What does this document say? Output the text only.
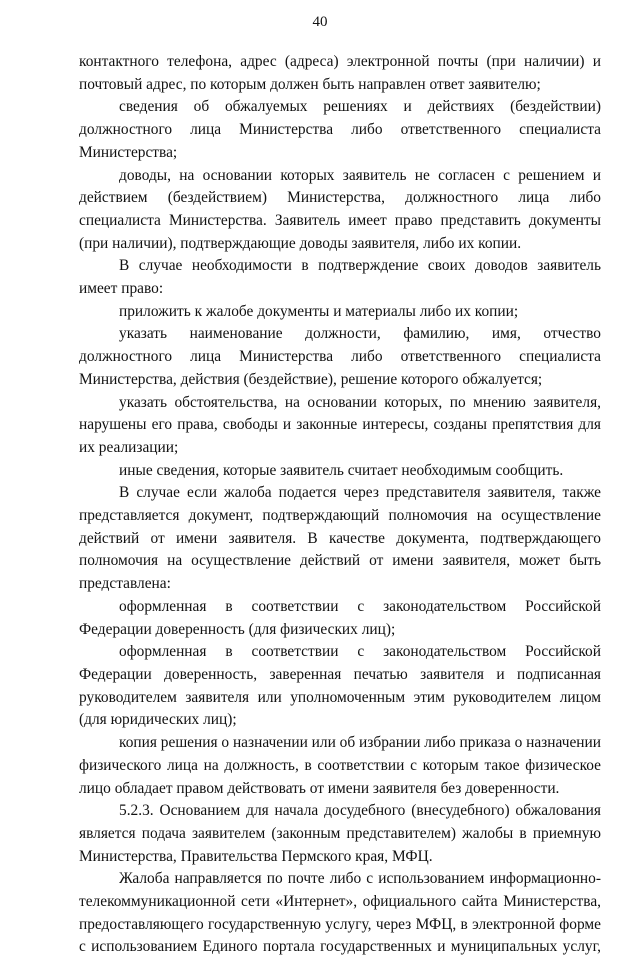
40

контактного телефона, адрес (адреса) электронной почты (при наличии) и почтовый адрес, по которым должен быть направлен ответ заявителю;

сведения об обжалуемых решениях и действиях (бездействии) должностного лица Министерства либо ответственного специалиста Министерства;

доводы, на основании которых заявитель не согласен с решением и действием (бездействием) Министерства, должностного лица либо специалиста Министерства. Заявитель имеет право представить документы (при наличии), подтверждающие доводы заявителя, либо их копии.

В случае необходимости в подтверждение своих доводов заявитель имеет право:

приложить к жалобе документы и материалы либо их копии;

указать наименование должности, фамилию, имя, отчество должностного лица Министерства либо ответственного специалиста Министерства, действия (бездействие), решение которого обжалуется;

указать обстоятельства, на основании которых, по мнению заявителя, нарушены его права, свободы и законные интересы, созданы препятствия для их реализации;

иные сведения, которые заявитель считает необходимым сообщить.

В случае если жалоба подается через представителя заявителя, также представляется документ, подтверждающий полномочия на осуществление действий от имени заявителя. В качестве документа, подтверждающего полномочия на осуществление действий от имени заявителя, может быть представлена:

оформленная в соответствии с законодательством Российской Федерации доверенность (для физических лиц);

оформленная в соответствии с законодательством Российской Федерации доверенность, заверенная печатью заявителя и подписанная руководителем заявителя или уполномоченным этим руководителем лицом (для юридических лиц);

копия решения о назначении или об избрании либо приказа о назначении физического лица на должность, в соответствии с которым такое физическое лицо обладает правом действовать от имени заявителя без доверенности.

5.2.3. Основанием для начала досудебного (внесудебного) обжалования является подача заявителем (законным представителем) жалобы в приемную Министерства, Правительства Пермского края, МФЦ.

Жалоба направляется по почте либо с использованием информационно-телекоммуникационной сети «Интернет», официального сайта Министерства, предоставляющего государственную услугу, через МФЦ, в электронной форме с использованием Единого портала государственных и муниципальных услуг,
